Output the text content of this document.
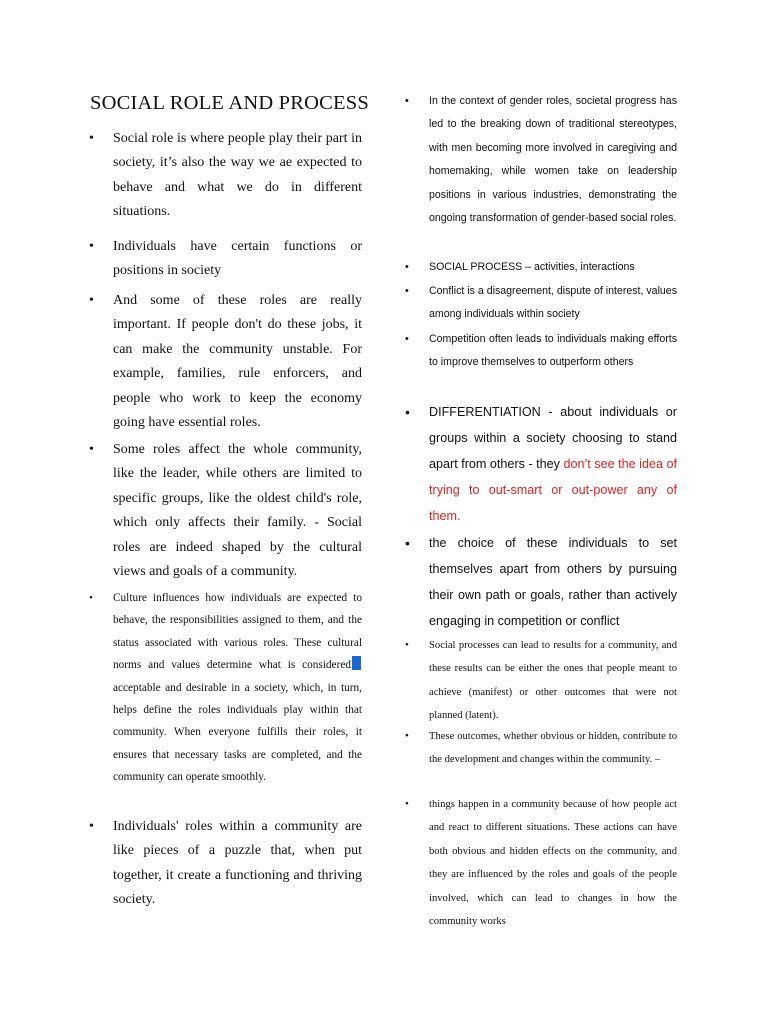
SOCIAL ROLE AND PROCESS
• Social role is where people play their part in society, it’s also the way we ae expected to behave and what we do in different situations.
• Individuals have certain functions or positions in society
• And some of these roles are really important. If people don't do these jobs, it can make the community unstable. For example, families, rule enforcers, and people who work to keep the economy going have essential roles.
• Some roles affect the whole community, like the leader, while others are limited to specific groups, like the oldest child's role, which only affects their family. - Social roles are indeed shaped by the cultural views and goals of a community.
• Culture influences how individuals are expected to behave, the responsibilities assigned to them, and the status associated with various roles. These cultural norms and values determine what is consideredacceptable and desirable in a society, which, in turn, helps define the roles individuals play within that community. When everyone fulfills their roles, it ensures that necessary tasks are completed, and the community can operate smoothly.
• Individuals' roles within a community are like pieces of a puzzle that, when put together, it create a functioning and thriving society.
• In the context of gender roles, societal progress has led to the breaking down of traditional stereotypes, with men becoming more involved in caregiving and homemaking, while women take on leadership positions in various industries, demonstrating the ongoing transformation of gender-based social roles.
• SOCIAL PROCESS – activities, interactions
• Conflict is a disagreement, dispute of interest, values among individuals within society
• Competition often leads to individuals making efforts to improve themselves to outperform others
• DIFFERENTIATION - about individuals or groups within a society choosing to stand apart from others - they don’t see the idea of trying to out-smart or out-power any of them.
• the choice of these individuals to set themselves apart from others by pursuing their own path or goals, rather than actively engaging in competition or conflict
• Social processes can lead to results for a community, and these results can be either the ones that people meant to achieve (manifest) or other outcomes that were not planned (latent).
• These outcomes, whether obvious or hidden, contribute to the development and changes within the community. –
• things happen in a community because of how people act and react to different situations. These actions can have both obvious and hidden effects on the community, and they are influenced by the roles and goals of the people involved, which can lead to changes in how the community works
